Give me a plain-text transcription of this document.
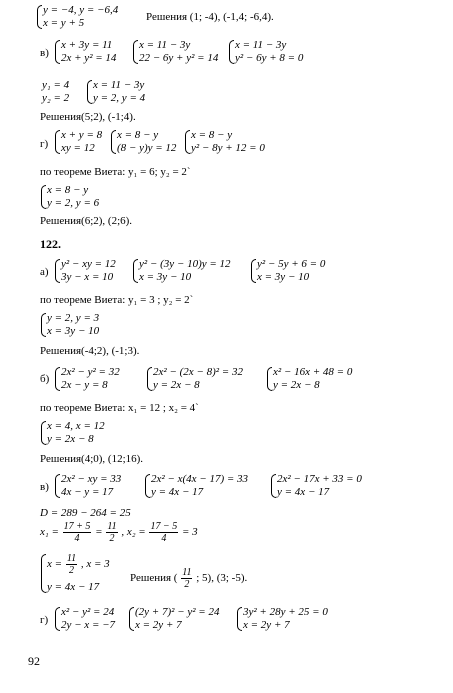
y = −4, y = −6,4
x = y + 5	Решения (1; -4), (-1,4; -6,4).
в)
x + 3y = 11
2x + y² = 14
x = 11 − 3y
22 − 6y + y² = 14
x = 11 − 3y
y² − 6y + 8 = 0
y₁ = 4
y₂ = 2
x = 11 − 3y
y = 2, y = 4
Решения(5;2), (-1;4).
г)
x + y = 8
xy = 12
x = 8 − y
(8 − y)y = 12
x = 8 − y
y² − 8y + 12 = 0
по теореме Виета: y₁ = 6; y₂ = 2`
x = 8 − y
y = 2, y = 6
Решения(6;2), (2;6).
122.
а)
y² − xy = 12
3y − x = 10
y² − (3y − 10)y = 12
x = 3y − 10
y² − 5y + 6 = 0
x = 3y − 10
по теореме Виета: y₁ = 3 ; y₂ = 2`
y = 2, y = 3
x = 3y − 10
Решения(-4;2), (-1;3).
б)
2x² − y² = 32
2x − y = 8
2x² − (2x − 8)² = 32
y = 2x − 8
x² − 16x + 48 = 0
y = 2x − 8
по теореме Виета: x₁ = 12 ; x₂ = 4`
x = 4, x = 12
y = 2x − 8
Решения(4;0), (12;16).
в)
2x² − xy = 33
4x − y = 17
2x² − x(4x − 17) = 33
y = 4x − 17
2x² − 17x + 33 = 0
y = 4x − 17
D = 289 − 264 = 25
$x_1 = \frac{17 + 5}{4} = \frac{11}{2}$ , $x_2 = \frac{17 - 5}{4} = 3$
$x = \frac{11}{2}$ , x = 3
y = 4x − 17
Решения ( $\frac{11}{2}$ ; 5), (3; -5).
г)
x² − y² = 24
2y − x = −7
(2y + 7)² − y² = 24
x = 2y + 7
3y² + 28y + 25 = 0
x = 2y + 7
92
